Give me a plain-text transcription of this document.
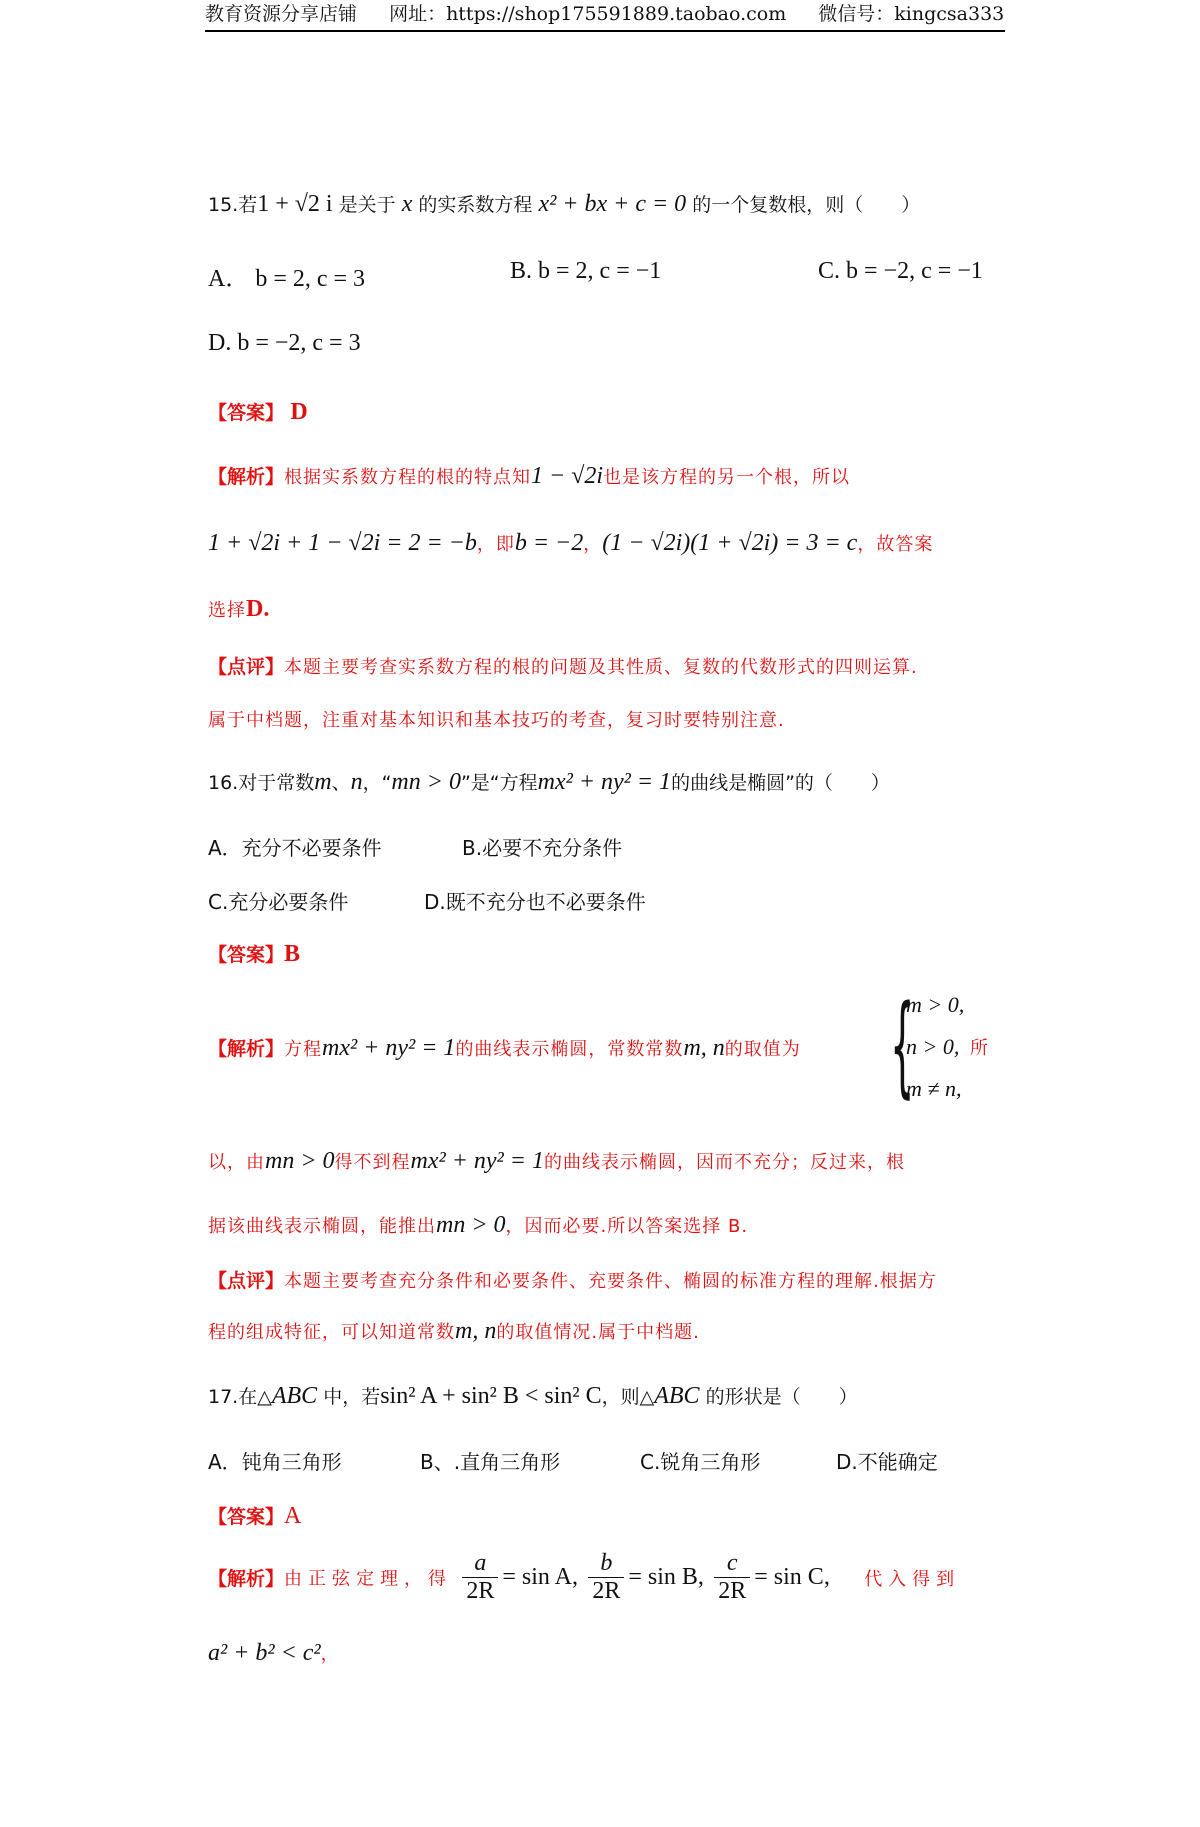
教育资源分享店铺 网址：https://shop175591889.taobao.com 微信号：kingcsa333
15.若1 + √2 i 是关于 x 的实系数方程 x² + bx + c = 0 的一个复数根，则（　　）
A． b = 2, c = 3	B. b = 2, c = −1	C. b = −2, c = −1
D. b = −2, c = 3
【答案】 D
【解析】根据实系数方程的根的特点知1 − √2i也是该方程的另一个根，所以
1 + √2i + 1 − √2i = 2 = −b，即b = −2，(1 − √2i)(1 + √2i) = 3 = c，故答案
选择D.
【点评】本题主要考查实系数方程的根的问题及其性质、复数的代数形式的四则运算.
属于中档题，注重对基本知识和基本技巧的考查，复习时要特别注意.
16.对于常数m、n，“mn > 0”是“方程mx² + ny² = 1的曲线是椭圆”的（　　）
A．充分不必要条件	B.必要不充分条件
C.充分必要条件	D.既不充分也不必要条件
【答案】B
【解析】方程mx² + ny² = 1的曲线表示椭圆，常数常数m, n的取值为 {
m > 0,
n > 0,
m ≠ n,
所
以，由mn > 0得不到程mx² + ny² = 1的曲线表示椭圆，因而不充分；反过来，根
据该曲线表示椭圆，能推出mn > 0，因而必要.所以答案选择 B.
【点评】本题主要考查充分条件和必要条件、充要条件、椭圆的标准方程的理解.根据方
程的组成特征，可以知道常数m, n的取值情况.属于中档题.
17.在△ABC 中，若sin² A + sin² B < sin² C，则△ABC 的形状是（　　）
A．钝角三角形	B、.直角三角形	C.锐角三角形	D.不能确定
【答案】A
【解析】由正弦定理，得 $\frac{a}{2R} = \sin A$, $\frac{b}{2R} = \sin B$, $\frac{c}{2R} = \sin C$, 代入得到
a² + b² < c²，
